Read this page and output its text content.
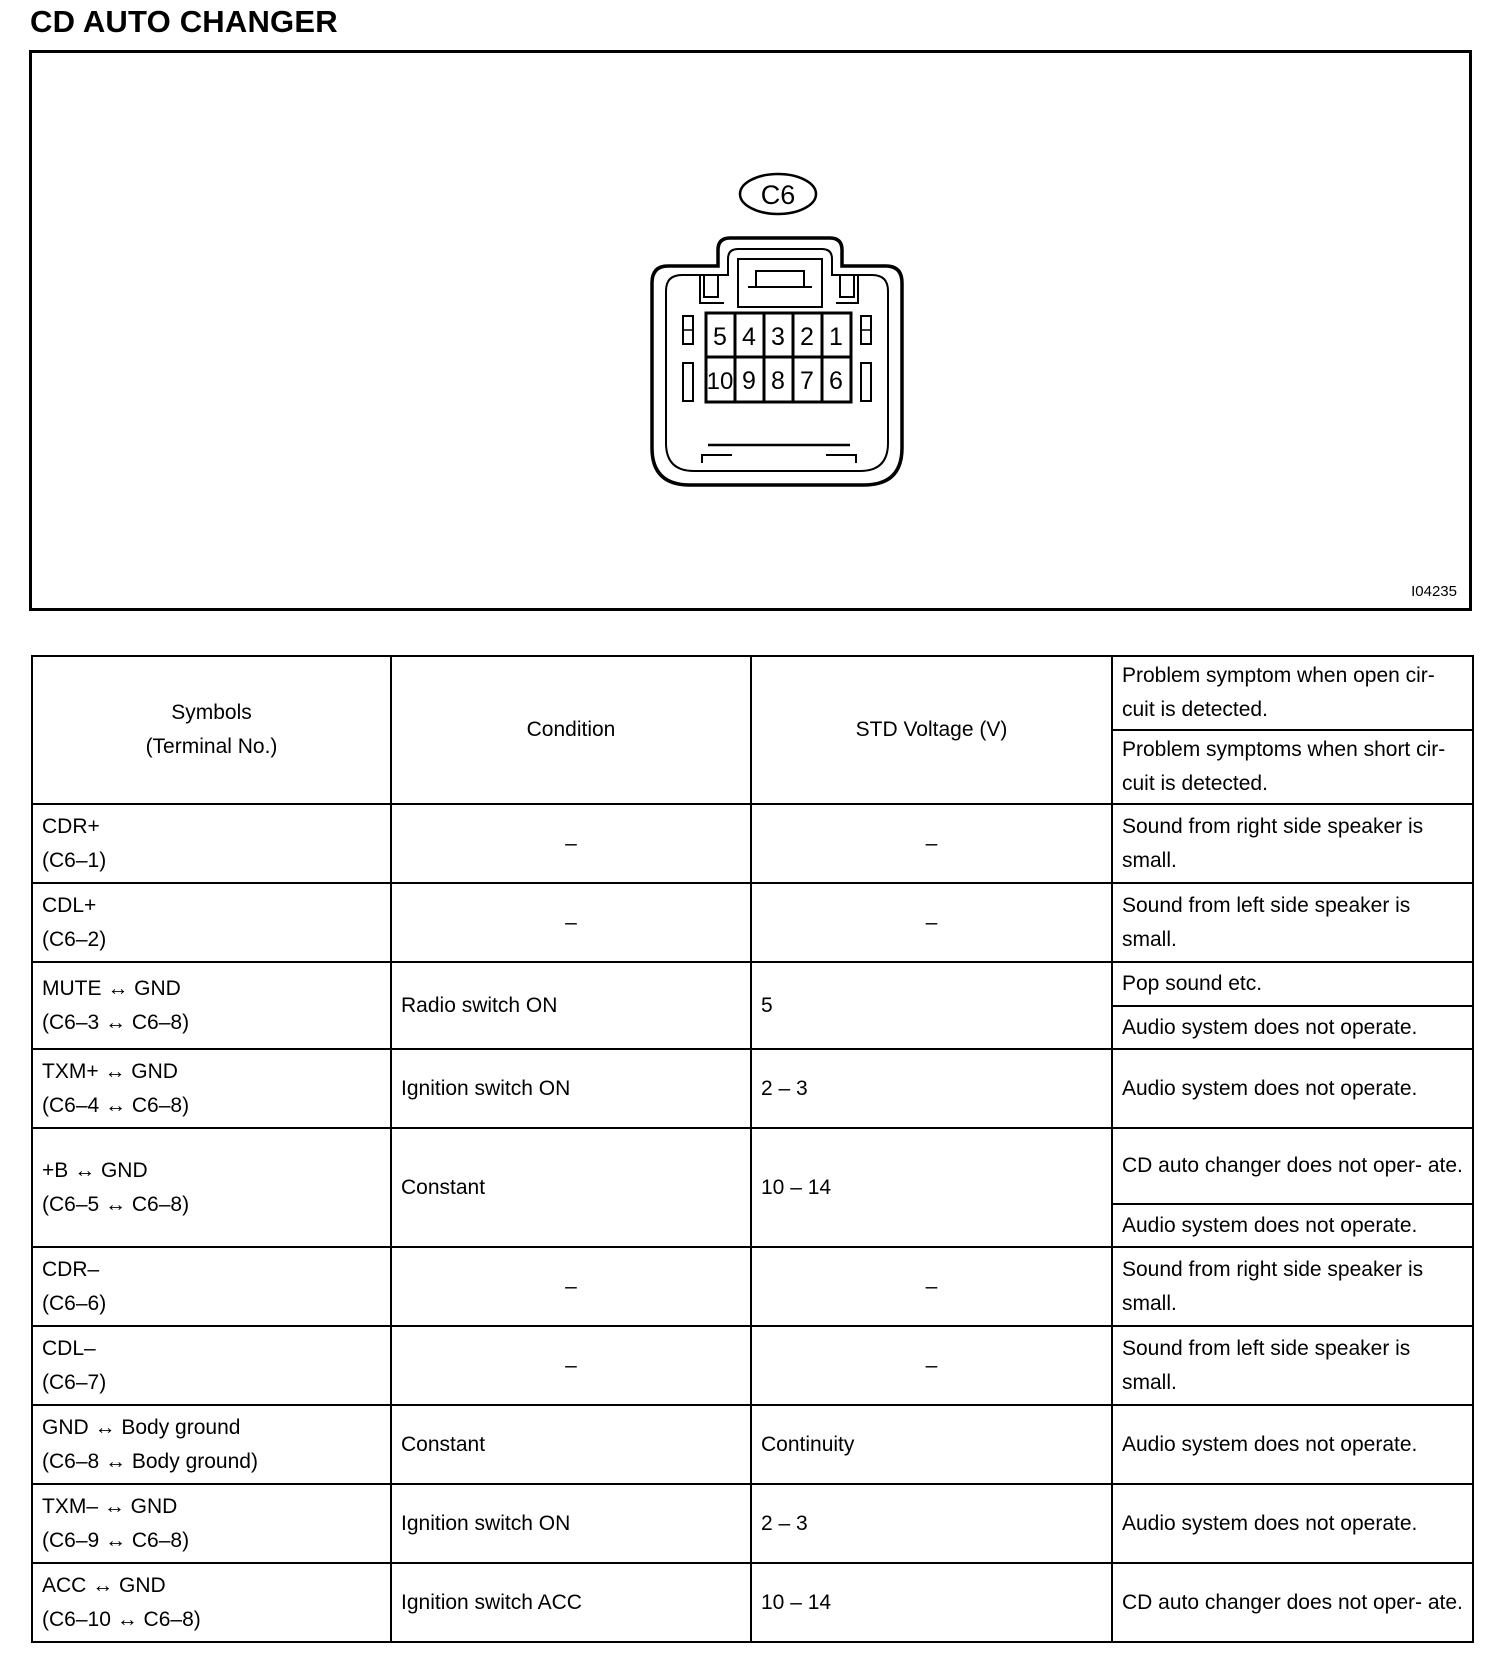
CD AUTO CHANGER
C6
5 4 3 2 1
10 9 8 7 6
I04235
Symbols
(Terminal No.)	Condition	STD Voltage (V)	Problem symptom when open cir- cuit is detected.
			Problem symptoms when short cir- cuit is detected.

CDR+
(C6–1)	–	–	Sound from right side speaker is small.

CDL+
(C6–2)	–	–	Sound from left side speaker is small.

MUTE ↔ GND
(C6–3 ↔ C6–8)	Radio switch ON	5	Pop sound etc.
			Audio system does not operate.

TXM+ ↔ GND
(C6–4 ↔ C6–8)	Ignition switch ON	2 – 3	Audio system does not operate.

+B ↔ GND
(C6–5 ↔ C6–8)	Constant	10 – 14	CD auto changer does not oper- ate.
			Audio system does not operate.

CDR–
(C6–6)	–	–	Sound from right side speaker is small.

CDL–
(C6–7)	–	–	Sound from left side speaker is small.

GND ↔ Body ground
(C6–8 ↔ Body ground)	Constant	Continuity	Audio system does not operate.

TXM– ↔ GND
(C6–9 ↔ C6–8)	Ignition switch ON	2 – 3	Audio system does not operate.

ACC ↔ GND
(C6–10 ↔ C6–8)	Ignition switch ACC	10 – 14	CD auto changer does not oper- ate.
